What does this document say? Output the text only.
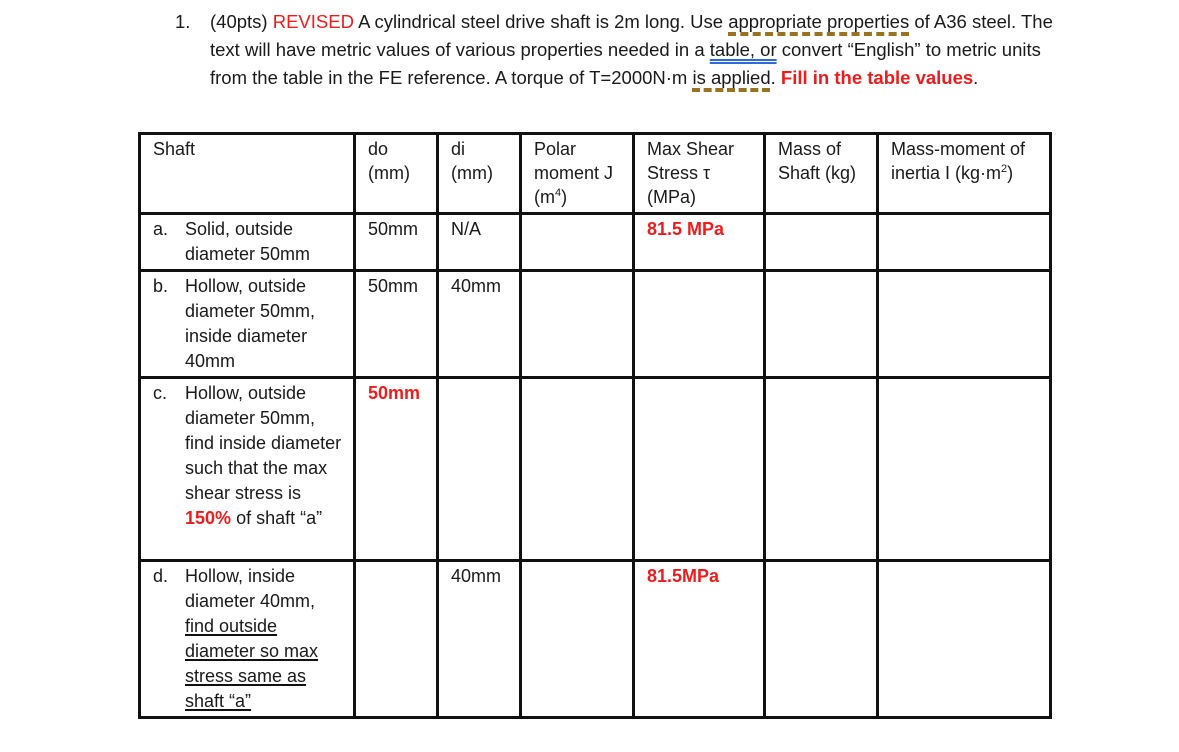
1. (40pts) REVISED A cylindrical steel drive shaft is 2m long. Use appropriate properties of A36 steel. The text will have metric values of various properties needed in a table, or convert “English” to metric units from the table in the FE reference. A torque of T=2000N·m is applied. Fill in the table values.
Shaft	do (mm)	di (mm)	Polar moment J $(m^4)$	Max Shear Stress τ (MPa)	Mass of Shaft (kg)	Mass-moment of inertia I $(kg\cdot m^2)$

a. Solid, outside diameter 50mm	50mm	N/A		81.5 MPa		

b. Hollow, outside diameter 50mm, inside diameter 40mm	50mm	40mm				

c. Hollow, outside diameter 50mm, find inside diameter such that the max shear stress is 150% of shaft “a”	50mm					

d. Hollow, inside diameter 40mm, find outside diameter so max stress same as shaft “a”		40mm		81.5MPa		
